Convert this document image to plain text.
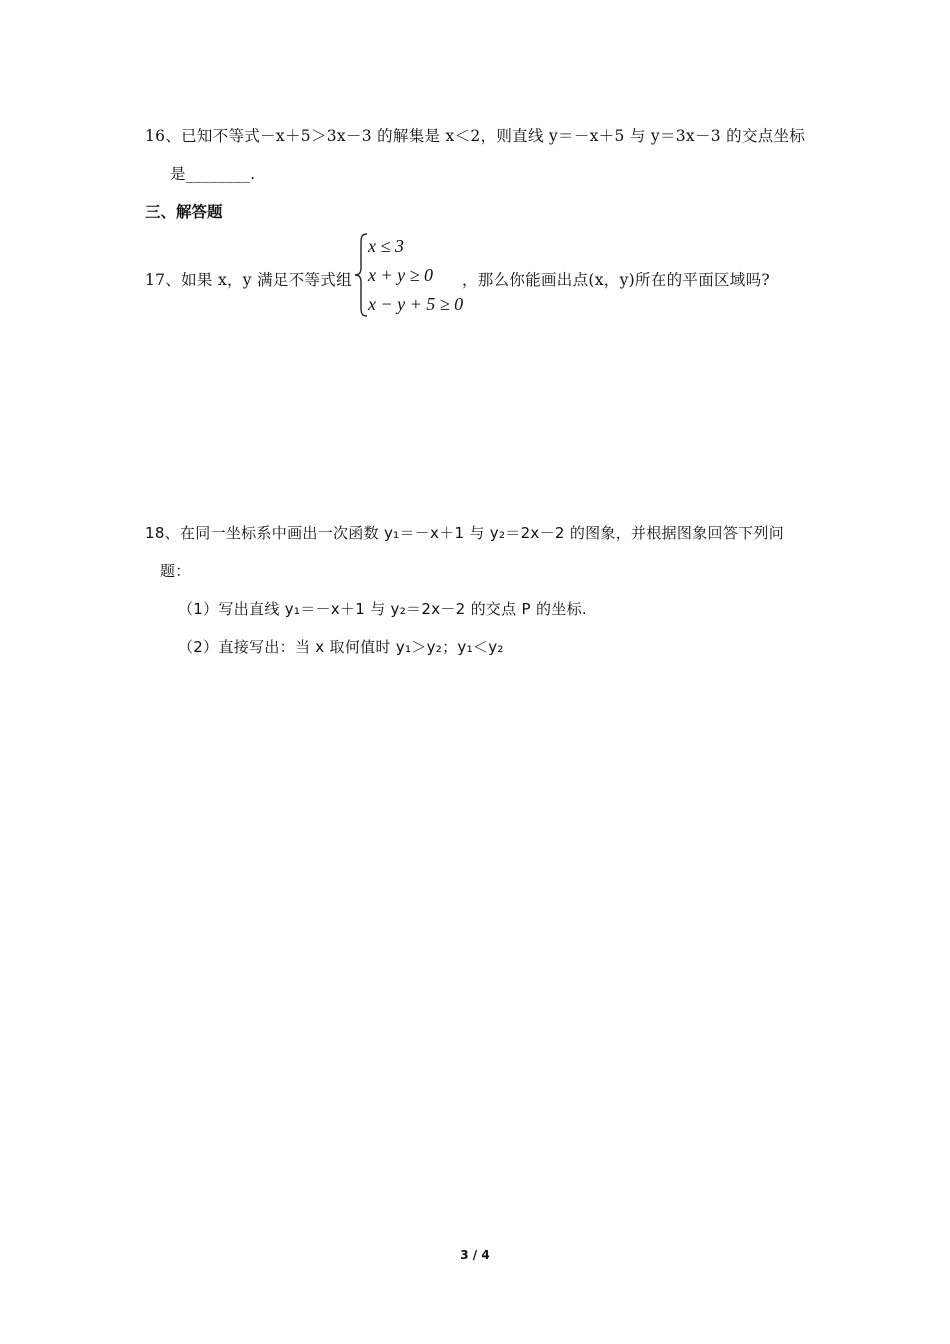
16、已知不等式－x＋5＞3x－3 的解集是 x＜2，则直线 y＝－x＋5 与 y＝3x－3 的交点坐标
是________.
三、解答题
17、如果 x，y 满足不等式组
x ≤ 3
x + y ≥ 0
x − y + 5 ≥ 0
，那么你能画出点(x，y)所在的平面区域吗?
18、在同一坐标系中画出一次函数 y₁＝－x＋1 与 y₂＝2x－2 的图象，并根据图象回答下列问
题：
（1）写出直线 y₁＝－x＋1 与 y₂＝2x－2 的交点 P 的坐标.
（2）直接写出：当 x 取何值时 y₁＞y₂；y₁＜y₂
3 / 4
